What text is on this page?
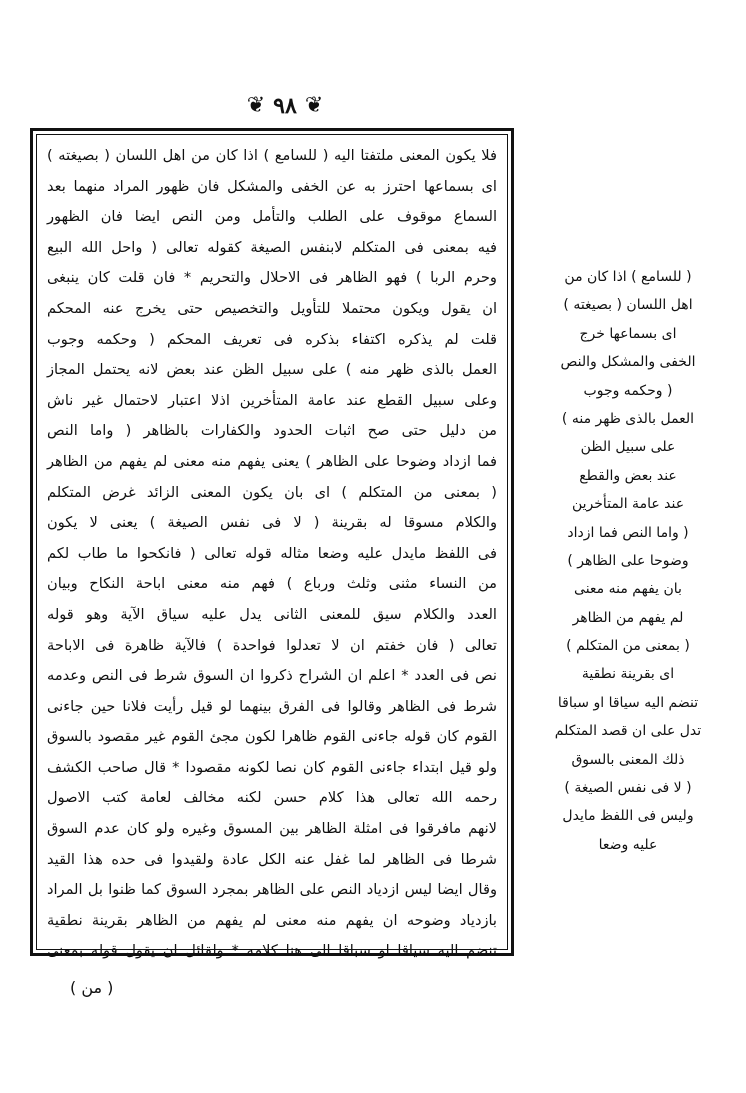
❦ ٩٨ ❦
فلا يكون المعنى ملتفتا اليه ( للسامع ) اذا كان من اهل اللسان ( بصيغته )
اى بسماعها احترز به عن الخفى والمشكل فان ظهور المراد منهما بعد
السماع موقوف على الطلب والتأمل ومن النص ايضا فان الظهور
فيه بمعنى فى المتكلم لابنفس الصيغة كقوله تعالى ( واحل الله البيع
وحرم الربا ) فهو الظاهر فى الاحلال والتحريم * فان قلت كان ينبغى
ان يقول ويكون محتملا للتأويل والتخصيص حتى يخرج عنه المحكم
قلت لم يذكره اكتفاء بذكره فى تعريف المحكم ( وحكمه وجوب
العمل بالذى ظهر منه ) على سبيل الظن عند بعض لانه يحتمل المجاز
وعلى سبيل القطع عند عامة المتأخرين اذلا اعتبار لاحتمال غير ناش
من دليل حتى صح اثبات الحدود والكفارات بالظاهر ( واما النص
فما ازداد وضوحا على الظاهر ) يعنى يفهم منه معنى لم يفهم من الظاهر
( بمعنى من المتكلم ) اى بان يكون المعنى الزائد غرض المتكلم
والكلام مسوقا له بقرينة ( لا فى نفس الصيغة ) يعنى لا يكون
فى اللفظ مايدل عليه وضعا مثاله قوله تعالى ( فانكحوا ما طاب لكم
من النساء مثنى وثلث ورباع ) فهم منه معنى اباحة النكاح وبيان
العدد والكلام سيق للمعنى الثانى يدل عليه سياق الآية وهو قوله
تعالى ( فان خفتم ان لا تعدلوا فواحدة ) فالآية ظاهرة فى الاباحة
نص فى العدد * اعلم ان الشراح ذكروا ان السوق شرط فى النص وعدمه
شرط فى الظاهر وقالوا فى الفرق بينهما لو قيل رأيت فلانا حين جاءنى
القوم كان قوله جاءنى القوم ظاهرا لكون مجئ القوم غير مقصود بالسوق
ولو قيل ابتداء جاءنى القوم كان نصا لكونه مقصودا * قال صاحب الكشف
رحمه الله تعالى هذا كلام حسن لكنه مخالف لعامة كتب الاصول
لانهم مافرقوا فى امثلة الظاهر بين المسوق وغيره ولو كان عدم السوق
شرطا فى الظاهر لما غفل عنه الكل عادة ولقيدوا فى حده هذا القيد
وقال ايضا ليس ازدياد النص على الظاهر بمجرد السوق كما ظنوا بل المراد
بازدياد وضوحه ان يفهم منه معنى لم يفهم من الظاهر بقرينة نطقية
تنضم اليه سياقا او سباقا الى هنا كلامه * ولقائل ان يقول قوله بمعنى
( للسامع ) اذا كان من
اهل اللسان ( بصيغته )
اى بسماعها خرج
الخفى والمشكل والنص
( وحكمه وجوب
العمل بالذى ظهر منه )
على سبيل الظن
عند بعض والقطع
عند عامة المتأخرين
( واما النص فما ازداد
وضوحا على الظاهر )
بان يفهم منه معنى
لم يفهم من الظاهر
( بمعنى من المتكلم )
اى بقرينة نطقية
تنضم اليه سياقا او سباقا
تدل على ان قصد المتكلم
ذلك المعنى بالسوق
( لا فى نفس الصيغة )
وليس فى اللفظ مايدل
عليه وضعا
( من )
